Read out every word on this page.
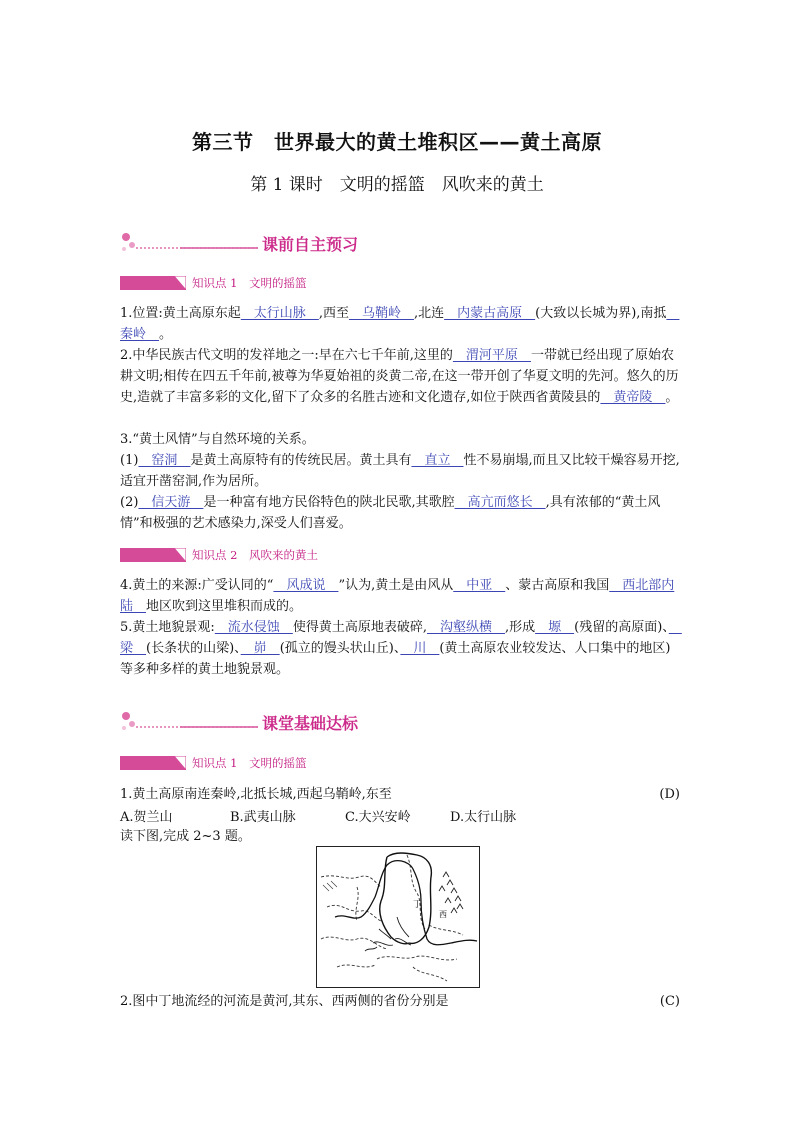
第三节　世界最大的黄土堆积区——黄土高原
第 1 课时　文明的摇篮　风吹来的黄土
课前自主预习
知识点 1　文明的摇篮
1.位置:黄土高原东起　太行山脉　,西至　乌鞘岭　,北连　内蒙古高原　(大致以长城为界),南抵　秦岭　。
2.中华民族古代文明的发祥地之一:早在六七千年前,这里的　渭河平原　一带就已经出现了原始农耕文明;相传在四五千年前,被尊为华夏始祖的炎黄二帝,在这一带开创了华夏文明的先河。悠久的历史,造就了丰富多彩的文化,留下了众多的名胜古迹和文化遗存,如位于陕西省黄陵县的　黄帝陵　。
3.“黄土风情”与自然环境的关系。
(1)　窑洞　是黄土高原特有的传统民居。黄土具有　直立　性不易崩塌,而且又比较干燥容易开挖,适宜开凿窑洞,作为居所。
(2)　信天游　是一种富有地方民俗特色的陕北民歌,其歌腔　高亢而悠长　,具有浓郁的“黄土风情”和极强的艺术感染力,深受人们喜爱。
知识点 2　风吹来的黄土
4.黄土的来源:广受认同的“　风成说　”认为,黄土是由风从　中亚　、蒙古高原和我国　西北部内陆　地区吹到这里堆积而成的。
5.黄土地貌景观:　流水侵蚀　使得黄土高原地表破碎,　沟壑纵横　,形成　塬　(残留的高原面)、　梁　(长条状的山梁)、　峁　(孤立的馒头状山丘)、　川　(黄土高原农业较发达、人口集中的地区)等多种多样的黄土地貌景观。
课堂基础达标
知识点 1　文明的摇篮
1.黄土高原南连秦岭,北抵长城,西起乌鞘岭,东至	(D)
A.贺兰山	B.武夷山脉	C.大兴安岭	D.太行山脉
读下图,完成 2~3 题。
丁
西
2.图中丁地流经的河流是黄河,其东、西两侧的省份分别是	(C)
